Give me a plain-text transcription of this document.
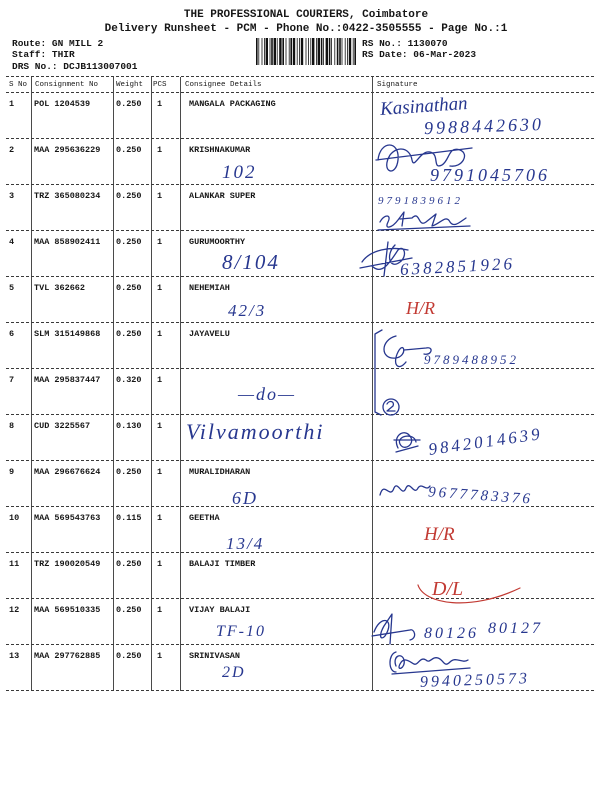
THE PROFESSIONAL COURIERS, Coimbatore
Delivery Runsheet - PCM - Phone No.:0422-3505555 - Page No.:1
Route: GN MILL 2
Staff: THIR
DRS No.: DCJB113007001
RS No.: 1130070
RS Date: 06-Mar-2023
S No Consignment No Weight PCS Consignee Details	Signature
1 POL 1204539	0.250 1	MANGALA PACKAGING	Kasinathan
9988442630
2 MAA 295636229 0.250 1	KRISHNAKUMAR
102	9791045706
3 TRZ 365080234 0.250 1	ALANKAR SUPER	9791839612
4 MAA 858902411 0.250 1	GURUMOORTHY
8/104	6382851926
5 TVL 362662	0.250 1	NEHEMIAH
42/3	H/R
6 SLM 315149868 0.250 1	JAYAVELU
9789488952
7 MAA 295837447 0.320 1
—do—
8 CUD 3225567	0.130 1 Vilvamoorthi	9842014639
9 MAA 296676624 0.250 1	MURALIDHARAN
6D	9677783376
10 MAA 569543763 0.115 1	GEETHA
13/4	H/R
11 TRZ 190020549 0.250 1	BALAJI TIMBER
D/L
12 MAA 569510335 0.250 1	VIJAY BALAJI
TF-10	80126 80127
13 MAA 297762885 0.250 1	SRINIVASAN
2D	9940250573
